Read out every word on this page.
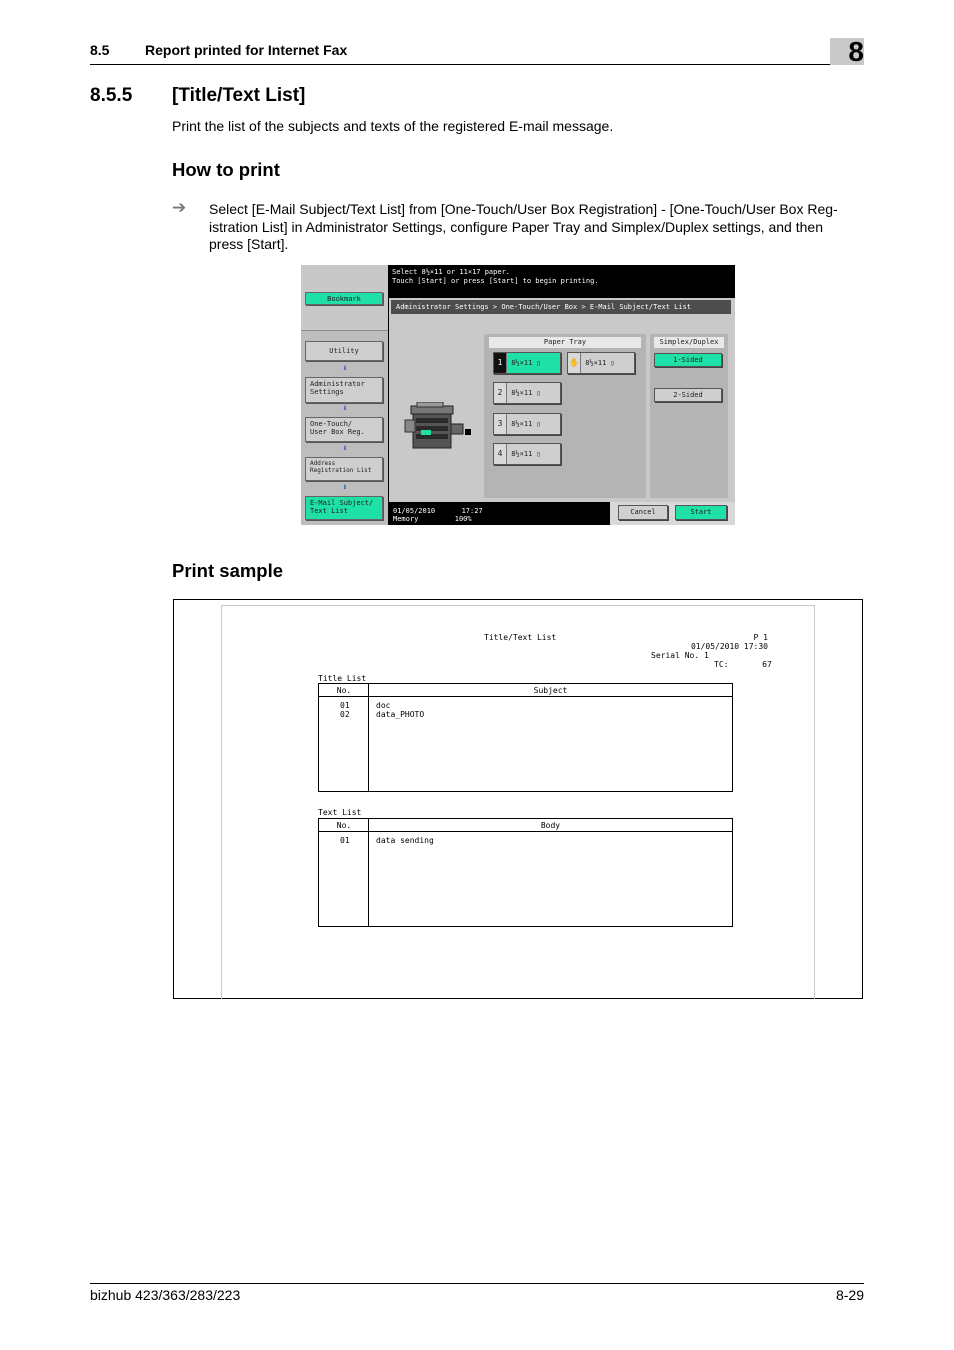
8.5	Report printed for Internet Fax	8
8.5.5 [Title/Text List]
Print the list of the subjects and texts of the registered E-mail message.
How to print
➔ Select [E-Mail Subject/Text List] from [One-Touch/User Box Registration] - [One-Touch/User Box Reg-
istration List] in Administrator Settings, configure Paper Tray and Simplex/Duplex settings, and then
press [Start].
Bookmark
Utility
⬇
Administrator
Settings
⬇
One-Touch/
User Box Reg.
⬇
Address
Registration List
⬇
E-Mail Subject/
Text List
Select 8½×11 or 11×17 paper.
Touch [Start] or press [Start] to begin printing.
Administrator Settings > One-Touch/User Box > E-Mail Subject/Text List
Paper Tray
1 8½×11 ▯	✋ 8½×11 ▯
2 8½×11 ▯
3 8½×11 ▯
4 8½×11 ▯
Simplex/Duplex
1-Sided
2-Sided
01/05/2010	17:27
Memory	100%
Cancel	Start
Print sample
Title/Text List	P 1
01/05/2010 17:30
Serial No. 1
TC:       67
Title List
No.	Subject
01	doc
02	data_PHOTO
Text List
No.	Body
01	data sending
bizhub 423/363/283/223	8-29
